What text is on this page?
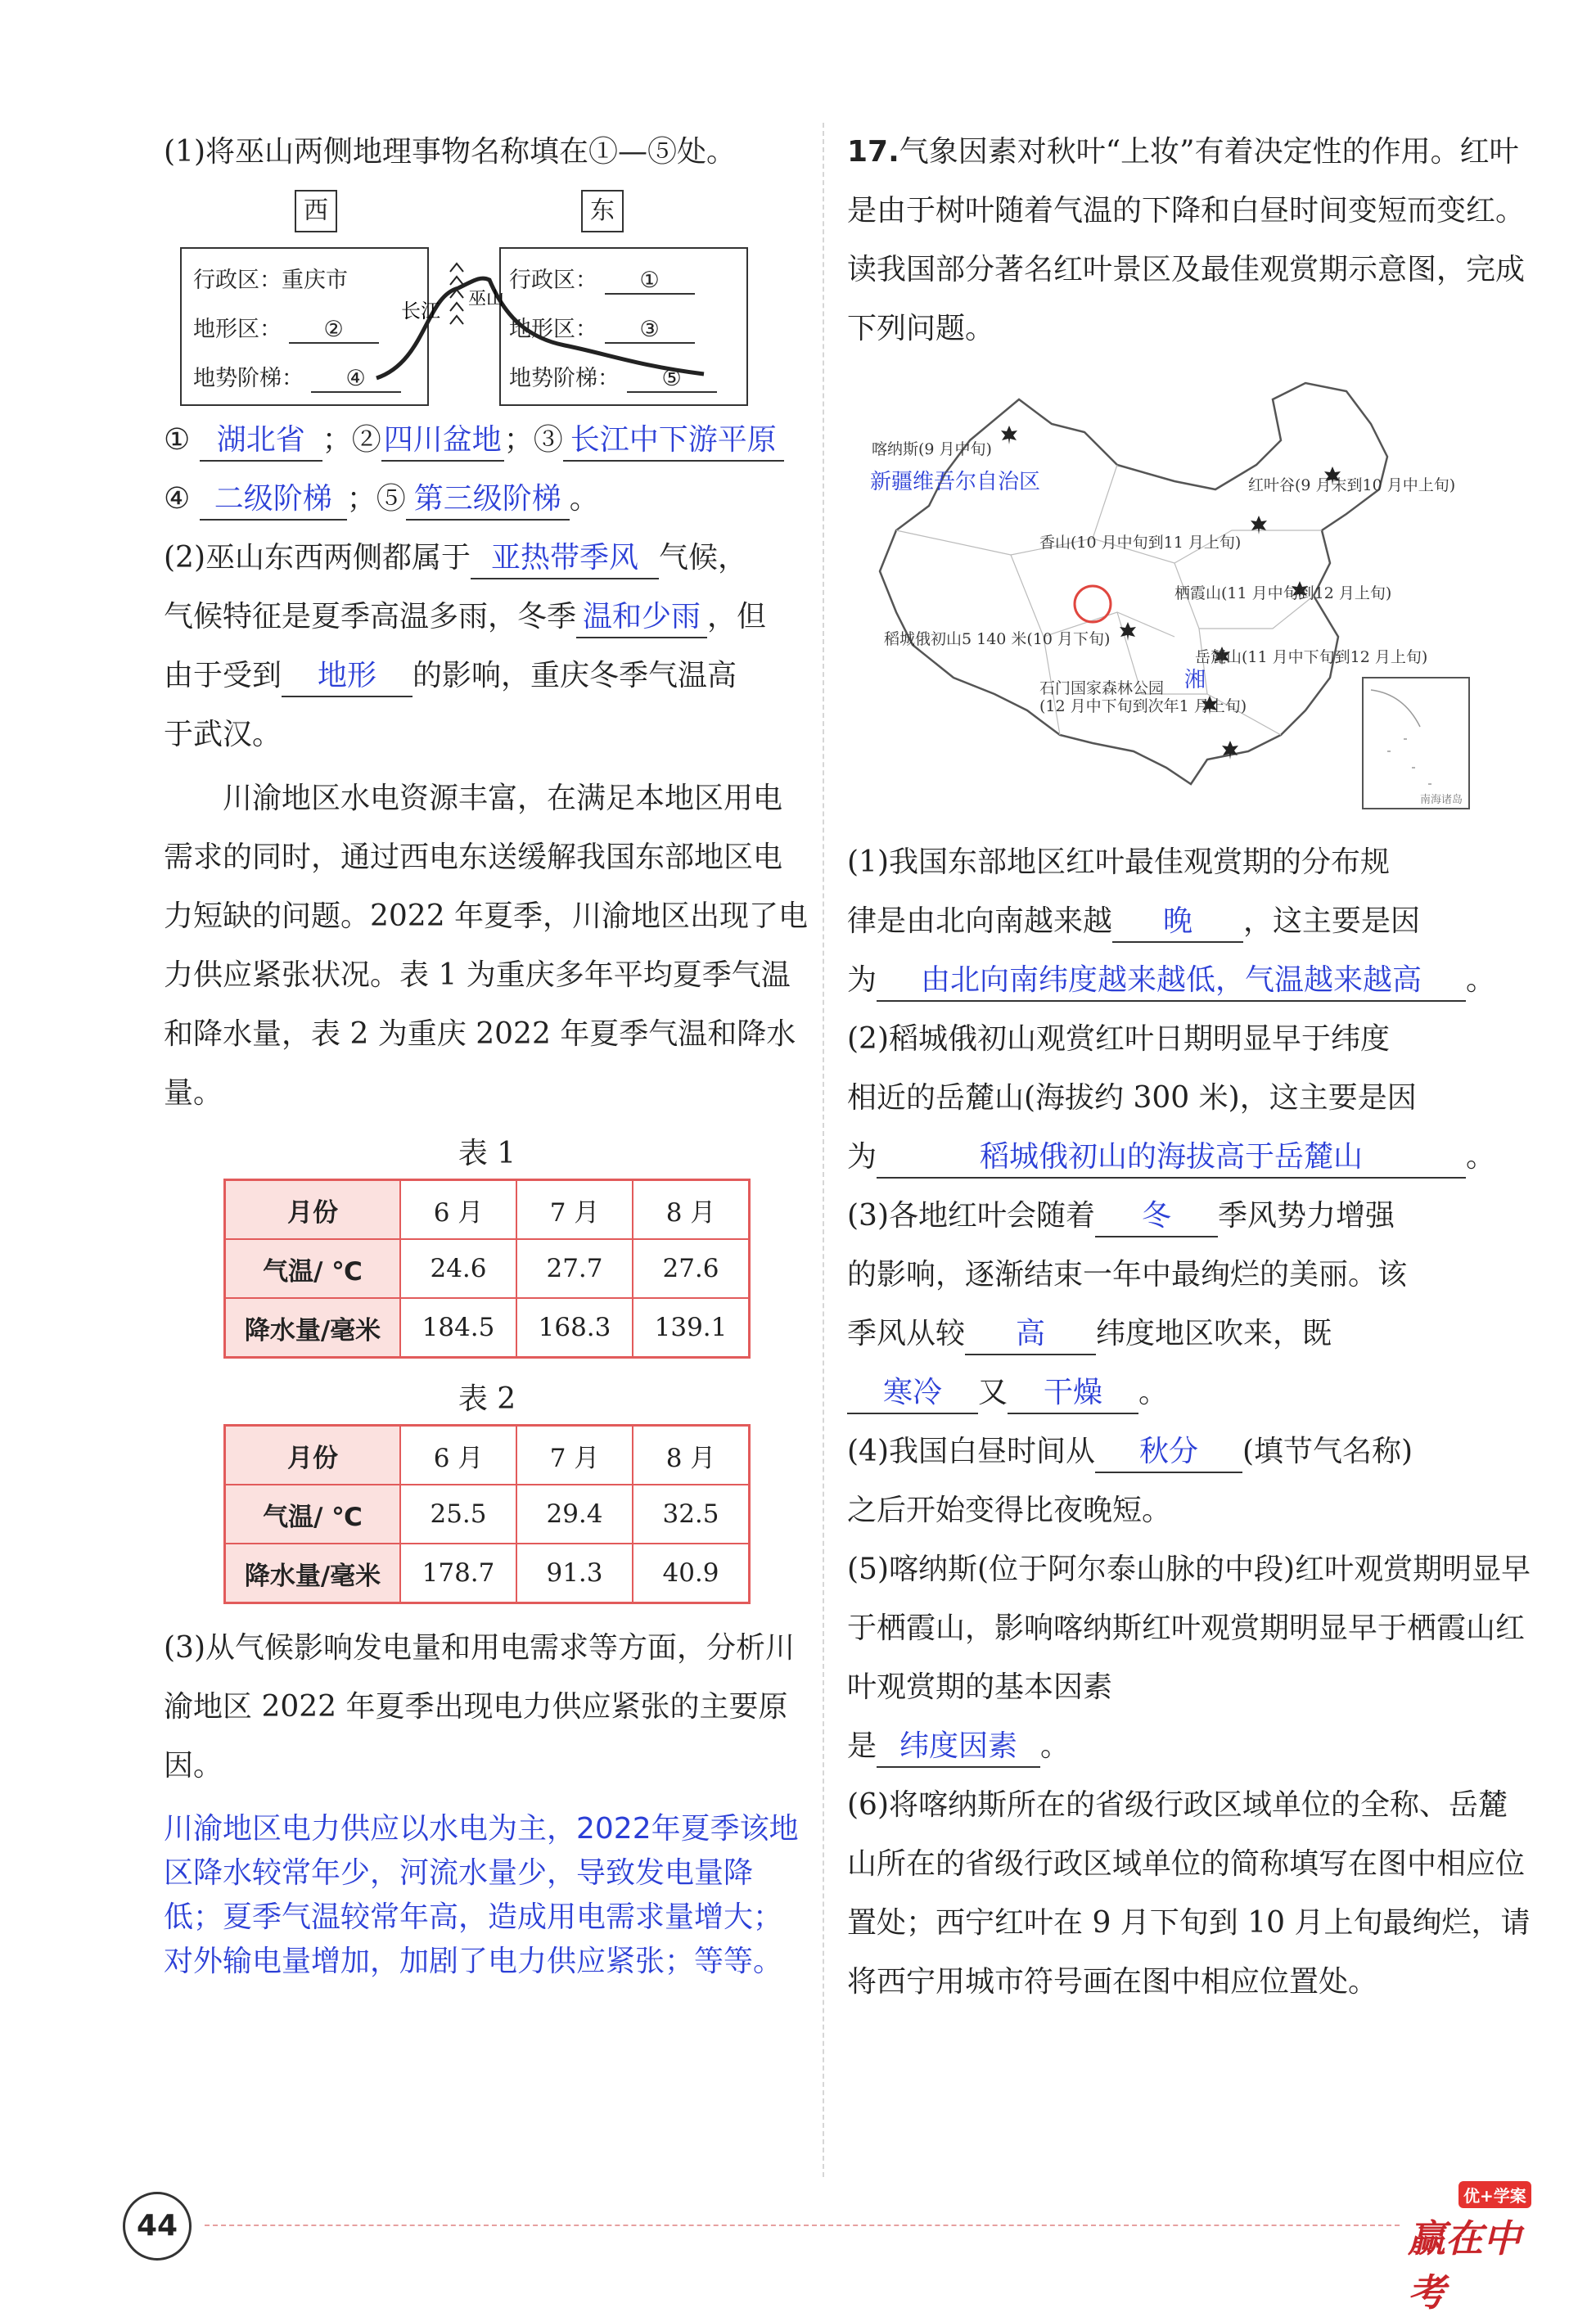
(1)将巫山两侧地理事物名称填在①—⑤处。
西	东
行政区：重庆市
地形区： ②
地势阶梯： ④
行政区： ①
地形区： ③
地势阶梯： ⑤
巫山
长江
① 湖北省 ；②四川盆地；③ 长江中下游平原
④ 二级阶梯 ；⑤ 第三级阶梯 。
(2)巫山东西两侧都属于 亚热带季风 气候，
气候特征是夏季高温多雨，冬季 温和少雨 ，但
由于受到 地形 的影响，重庆冬季气温高
于武汉。
川渝地区水电资源丰富，在满足本地区用电需求的同时，通过西电东送缓解我国东部地区电力短缺的问题。2022 年夏季，川渝地区出现了电力供应紧张状况。表 1 为重庆多年平均夏季气温和降水量，表 2 为重庆 2022 年夏季气温和降水量。
表 1
月份	6 月	7 月	8 月
气温/ ℃	24.6	27.7	27.6
降水量/毫米	184.5	168.3	139.1
表 2
月份	6 月	7 月	8 月
气温/ ℃	25.5	29.4	32.5
降水量/毫米	178.7	91.3	40.9
(3)从气候影响发电量和用电需求等方面，分析川渝地区 2022 年夏季出现电力供应紧张的主要原因。
川渝地区电力供应以水电为主，2022年夏季该地区降水较常年少，河流水量少，导致发电量降低；夏季气温较常年高，造成用电需求量增大；对外输电量增加，加剧了电力供应紧张；等等。
17.气象因素对秋叶“上妆”有着决定性的作用。红叶是由于树叶随着气温的下降和白昼时间变短而变红。读我国部分著名红叶景区及最佳观赏期示意图，完成下列问题。
喀纳斯(9 月中旬)
新疆维吾尔自治区	红叶谷(9 月末到10 月中上旬)
香山(10 月中旬到11 月上旬)
栖霞山(11 月中旬到12 月上旬)
稻城俄初山5 140 米(10 月下旬)
岳麓山(11 月中下旬到12 月上旬)
湘
石门国家森林公园
(12 月中下旬到次年1 月上旬)
南海诸岛
(1)我国东部地区红叶最佳观赏期的分布规
律是由北向南越来越 晚 ，这主要是因
为 由北向南纬度越来越低，气温越来越高 。
(2)稻城俄初山观赏红叶日期明显早于纬度
相近的岳麓山(海拔约 300 米)，这主要是因
为	稻城俄初山的海拔高于岳麓山	。
(3)各地红叶会随着 冬 季风势力增强
的影响，逐渐结束一年中最绚烂的美丽。该
季风从较 高 纬度地区吹来，既
寒冷 又 干燥 。
(4)我国白昼时间从 秋分 (填节气名称)
之后开始变得比夜晚短。
(5)喀纳斯(位于阿尔泰山脉的中段)红叶观赏期明显早于栖霞山，影响喀纳斯红叶观赏期明显早于栖霞山红叶观赏期的基本因素
是 纬度因素 。
(6)将喀纳斯所在的省级行政区域单位的全称、岳麓山所在的省级行政区域单位的简称填写在图中相应位置处；西宁红叶在 9 月下旬到 10 月上旬最绚烂，请将西宁用城市符号画在图中相应位置处。
44
优+学案
赢在中考
